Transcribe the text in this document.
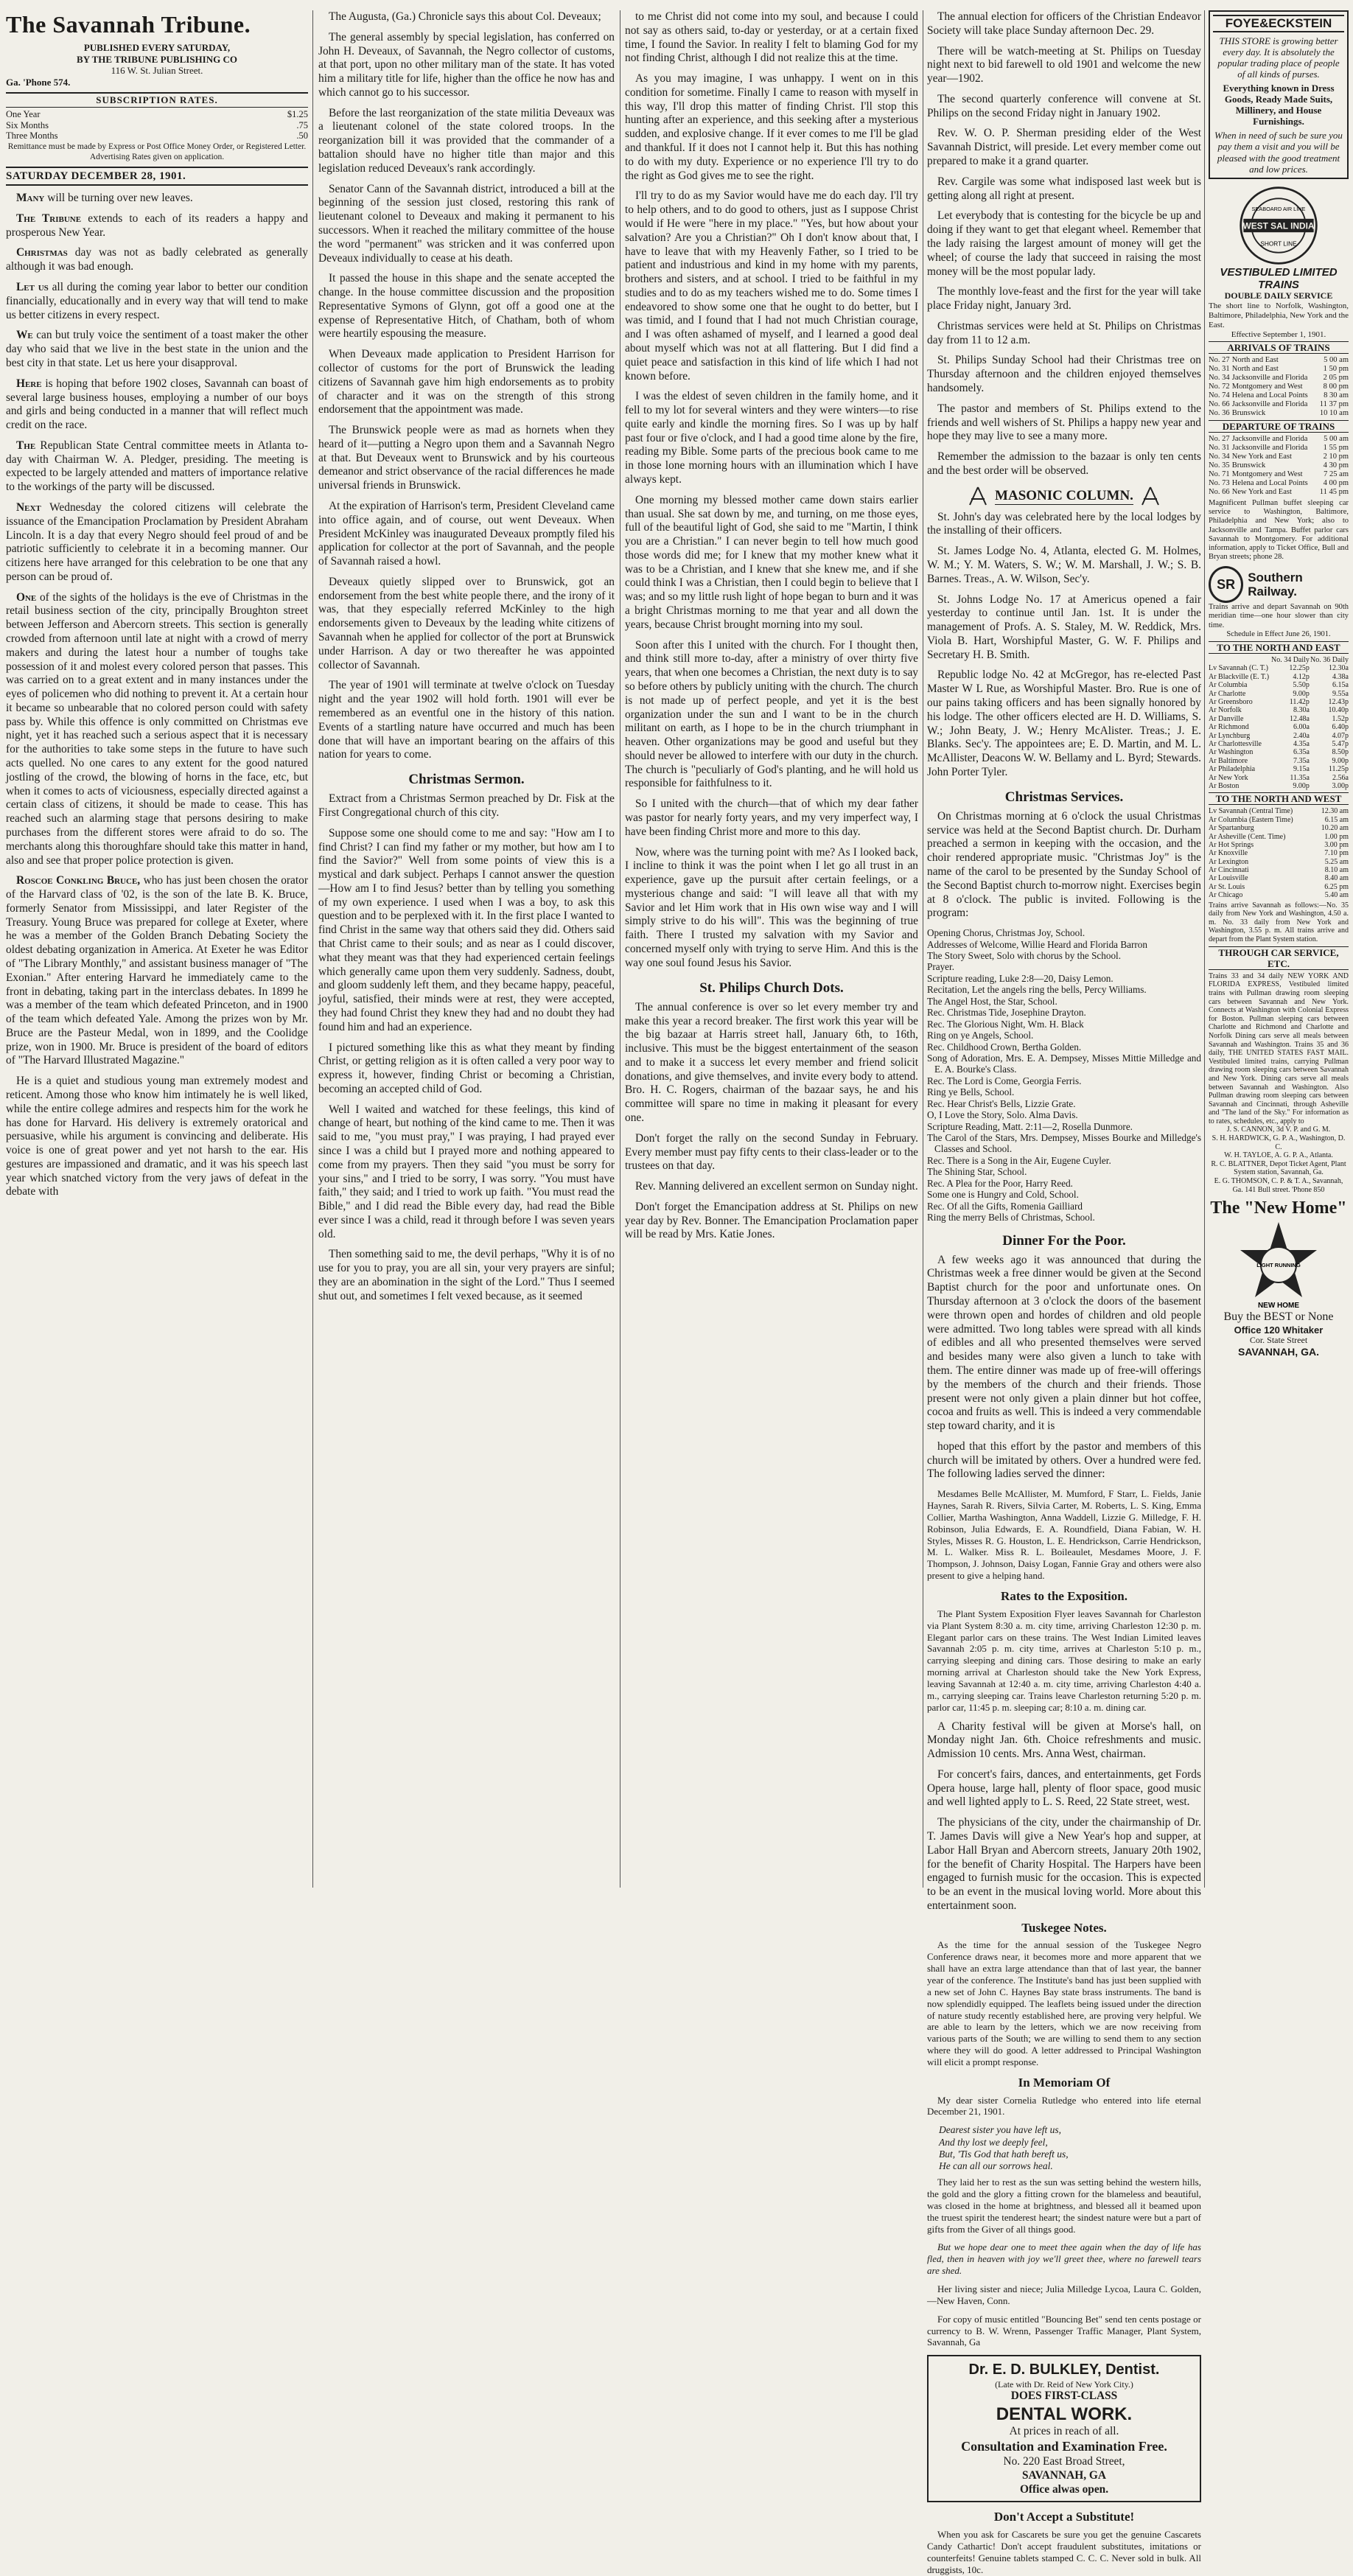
The Savannah Tribune.
PUBLISHED EVERY SATURDAY,
BY THE TRIBUNE PUBLISHING CO
116 W. St. Julian Street.
Ga. 'Phone 574.
SUBSCRIPTION RATES.
One Year	$1.25
Six Months	.75
Three Months	.50
Remittance must be made by Express or Post Office Money Order, or Registered Letter. Advertising Rates given on application.
SATURDAY DECEMBER 28, 1901.

Many will be turning over new leaves.

The Tribune extends to each of its readers a happy and prosperous New Year.

Christmas day was not as badly celebrated as generally although it was bad enough.

Let us all during the coming year labor to better our condition financially, educationally and in every way that will tend to make us better citizens in every respect.

We can but truly voice the sentiment of a toast maker the other day who said that we live in the best state in the union and the best city in that state. Let us here your disapproval.

Here is hoping that before 1902 closes, Savannah can boast of several large business houses, employing a number of our boys and girls and being conducted in a manner that will reflect much credit on the race.

The Republican State Central committee meets in Atlanta to-day with Chairman W. A. Pledger, presiding. The meeting is expected to be largely attended and matters of importance relative to the workings of the party will be discussed.

Next Wednesday the colored citizens will celebrate the issuance of the Emancipation Proclamation by President Abraham Lincoln. It is a day that every Negro should feel proud of and be patriotic sufficiently to celebrate it in a becoming manner. Our citizens here have arranged for this celebration to be one that any person can be proud of.

One of the sights of the holidays is the eve of Christmas in the retail business section of the city, principally Broughton street between Jefferson and Abercorn streets. This section is generally crowded from afternoon until late at night with a crowd of merry makers and during the latest hour a number of toughs take possession of it and molest every colored person that passes. This was carried on to a great extent and in many instances under the eyes of policemen who did nothing to prevent it. At a certain hour it became so unbearable that no colored person could with safety pass by. While this offence is only committed on Christmas eve night, yet it has reached such a serious aspect that it is necessary for the authorities to take some steps in the future to have such acts quelled. No one cares to any extent for the good natured jostling of the crowd, the blowing of horns in the face, etc, but when it comes to acts of viciousness, especially directed against a certain class of citizens, it should be made to cease. This has reached such an alarming stage that persons desiring to make purchases from the different stores were afraid to do so. The merchants along this thoroughfare should take this matter in hand, also and see that proper police protection is given.

Roscoe Conkling Bruce, who has just been chosen the orator of the Harvard class of '02, is the son of the late B. K. Bruce, formerly Senator from Mississippi, and later Register of the Treasury. Young Bruce was prepared for college at Exeter, where he was a member of the Golden Branch Debating Society the oldest debating organization in America. At Exeter he was Editor of "The Library Monthly," and assistant business manager of "The Exonian." After entering Harvard he immediately came to the front in debating, taking part in the interclass debates. In 1899 he was a member of the team which defeated Princeton, and in 1900 of the team which defeated Yale. Among the prizes won by Mr. Bruce are the Pasteur Medal, won in 1899, and the Coolidge prize, won in 1900. Mr. Bruce is president of the board of editors of "The Harvard Illustrated Magazine."

He is a quiet and studious young man extremely modest and reticent. Among those who know him intimately he is well liked, while the entire college admires and respects him for the work he has done for Harvard. His delivery is extremely oratorical and persuasive, while his argument is convincing and deliberate. His voice is one of great power and yet not harsh to the ear. His gestures are impassioned and dramatic, and it was his speech last year which snatched victory from the very jaws of defeat in the debate with

The Augusta, (Ga.) Chronicle says this about Col. Deveaux;

The general assembly by special legislation, has conferred on John H. Deveaux, of Savannah, the Negro collector of customs, at that port, upon no other military man of the state. It has voted him a military title for life, higher than the office he now has and which cannot go to his successor.

Before the last reorganization of the state militia Deveaux was a lieutenant colonel of the state colored troops. In the reorganization bill it was provided that the commander of a battalion should have no higher title than major and this legislation reduced Deveaux's rank accordingly.

Senator Cann of the Savannah district, introduced a bill at the beginning of the session just closed, restoring this rank of lieutenant colonel to Deveaux and making it permanent to his successors. When it reached the military committee of the house the word "permanent" was stricken and it was conferred upon Deveaux individually to cease at his death.

It passed the house in this shape and the senate accepted the change. In the house committee discussion and the proposition Representative Symons of Glynn, got off a good one at the expense of Representative Hitch, of Chatham, both of whom were heartily espousing the measure.

When Deveaux made application to President Harrison for collector of customs for the port of Brunswick the leading citizens of Savannah gave him high endorsements as to probity of character and it was on the strength of this strong endorsement that the appointment was made.

The Brunswick people were as mad as hornets when they heard of it—putting a Negro upon them and a Savannah Negro at that. But Deveaux went to Brunswick and by his courteous demeanor and strict observance of the racial differences he made universal friends in Brunswick.

At the expiration of Harrison's term, President Cleveland came into office again, and of course, out went Deveaux. When President McKinley was inaugurated Deveaux promptly filed his application for collector at the port of Savannah, and the people of Savannah raised a howl.

Deveaux quietly slipped over to Brunswick, got an endorsement from the best white people there, and the irony of it was, that they especially referred McKinley to the high endorsements given to Deveaux by the leading white citizens of Savannah when he applied for collector of the port at Brunswick under Harrison. A day or two thereafter he was appointed collector of Savannah.

The year of 1901 will terminate at twelve o'clock on Tuesday night and the year 1902 will hold forth. 1901 will ever be remembered as an eventful one in the history of this nation. Events of a startling nature have occurred and much has been done that will have an important bearing on the affairs of this nation for years to come.

Christmas Sermon.

Extract from a Christmas Sermon preached by Dr. Fisk at the First Congregational church of this city.

Suppose some one should come to me and say: "How am I to find Christ? I can find my father or my mother, but how am I to find the Savior?" Well from some points of view this is a mystical and dark subject. Perhaps I cannot answer the question—How am I to find Jesus? better than by telling you something of my own experience. I used when I was a boy, to ask this question and to be perplexed with it. In the first place I wanted to find Christ in the same way that others said they did. Others said that Christ came to their souls; and as near as I could discover, what they meant was that they had experienced certain feelings which generally came upon them very suddenly. Sadness, doubt, and gloom suddenly left them, and they became happy, peaceful, joyful, satisfied, their minds were at rest, they were accepted, they had found Christ they knew they had and no doubt they had found him and had an experience.

I pictured something like this as what they meant by finding Christ, or getting religion as it is often called a very poor way to express it, however, finding Christ or becoming a Christian, becoming an accepted child of God.

Well I waited and watched for these feelings, this kind of change of heart, but nothing of the kind came to me. Then it was said to me, "you must pray," I was praying, I had prayed ever since I was a child but I prayed more and nothing appeared to come from my prayers. Then they said "you must be sorry for your sins," and I tried to be sorry, I was sorry. "You must have faith," they said; and I tried to work up faith. "You must read the Bible," and I did read the Bible every day, had read the Bible ever since I was a child, read it through before I was seven years old.

Then something said to me, the devil perhaps, "Why it is of no use for you to pray, you are all sin, your very prayers are sinful; they are an abomination in the sight of the Lord." Thus I seemed shut out, and sometimes I felt vexed because, as it seemed

to me Christ did not come into my soul, and because I could not say as others said, to-day or yesterday, or at a certain fixed time, I found the Savior. In reality I felt to blaming God for my not finding Christ, although I did not realize this at the time.

As you may imagine, I was unhappy. I went on in this condition for sometime. Finally I came to reason with myself in this way, I'll drop this matter of finding Christ. I'll stop this hunting after an experience, and this seeking after a mysterious sudden, and explosive change. If it ever comes to me I'll be glad and thankful. If it does not I cannot help it. But this has nothing to do with my duty. Experience or no experience I'll try to do the right as God gives me to see the right.

I'll try to do as my Savior would have me do each day. I'll try to help others, and to do good to others, just as I suppose Christ would if He were "here in my place." "Yes, but how about your salvation? Are you a Christian?" Oh I don't know about that, I have to leave that with my Heavenly Father, so I tried to be patient and industrious and kind in my home with my parents, brothers and sisters, and at school. I tried to be faithful in my studies and to do as my teachers wished me to do. Some times I endeavored to show some one that he ought to do better, but I was timid, and I found that I had not much Christian courage, and I was often ashamed of myself, and I learned a good deal about myself which was not at all flattering. But I did find a quiet peace and satisfaction in this kind of life which I had not known before.

I was the eldest of seven children in the family home, and it fell to my lot for several winters and they were winters—to rise quite early and kindle the morning fires. So I was up by half past four or five o'clock, and I had a good time alone by the fire, reading my Bible. Some parts of the precious book came to me in those lone morning hours with an illumination which I have always kept.

One morning my blessed mother came down stairs earlier than usual. She sat down by me, and turning, on me those eyes, full of the beautiful light of God, she said to me "Martin, I think you are a Christian." I can never begin to tell how much good those words did me; for I knew that my mother knew what it was to be a Christian, and I knew that she knew me, and if she could think I was a Christian, then I could begin to believe that I was; and so my little rush light of hope began to burn and it was a bright Christmas morning to me that year and all down the years, because Christ brought morning into my soul.

Soon after this I united with the church. For I thought then, and think still more to-day, after a ministry of over thirty five years, that when one becomes a Christian, the next duty is to say so before others by publicly uniting with the church. The church is not made up of perfect people, and yet it is the best organization under the sun and I want to be in the church militant on earth, as I hope to be in the church triumphant in heaven. Other organizations may be good and useful but they should never be allowed to interfere with our duty in the church. The church is "peculiarly of God's planting, and he will hold us responsible for faithfulness to it.

So I united with the church—that of which my dear father was pastor for nearly forty years, and my very imperfect way, I have been finding Christ more and more to this day.

Now, where was the turning point with me? As I looked back, I incline to think it was the point when I let go all trust in an experience, gave up the pursuit after certain feelings, or a mysterious change and said: "I will leave all that with my Savior and let Him work that in His own wise way and I will simply strive to do his will". This was the beginning of true faith. There I trusted my salvation with my Savior and concerned myself only with trying to serve Him. And this is the way one soul found Jesus his Savior.

St. Philips Church Dots.

The annual conference is over so let every member try and make this year a record breaker. The first work this year will be the big bazaar at Harris street hall, January 6th, to 16th, inclusive. This must be the biggest entertainment of the season and to make it a success let every member and friend solicit donations, and give themselves, and invite every body to attend. Bro. H. C. Rogers, chairman of the bazaar says, he and his committee will spare no time in making it pleasant for every one.

Don't forget the rally on the second Sunday in February. Every member must pay fifty cents to their class-leader or to the trustees on that day.

Rev. Manning delivered an excellent sermon on Sunday night.

Don't forget the Emancipation address at St. Philips on new year day by Rev. Bonner. The Emancipation Proclamation paper will be read by Mrs. Katie Jones.

The annual election for officers of the Christian Endeavor Society will take place Sunday afternoon Dec. 29.

There will be watch-meeting at St. Philips on Tuesday night next to bid farewell to old 1901 and welcome the new year—1902.

The second quarterly conference will convene at St. Philips on the second Friday night in January 1902.

Rev. W. O. P. Sherman presiding elder of the West Savannah District, will preside. Let every member come out prepared to make it a grand quarter.

Rev. Cargile was some what indisposed last week but is getting along all right at present.

Let everybody that is contesting for the bicycle be up and doing if they want to get that elegant wheel. Remember that the lady raising the largest amount of money will get the wheel; of course the lady that succeed in raising the most money will be the most popular lady.

The monthly love-feast and the first for the year will take place Friday night, January 3rd.

Christmas services were held at St. Philips on Christmas day from 11 to 12 a.m.

St. Philips Sunday School had their Christmas tree on Thursday afternoon and the children enjoyed themselves handsomely.

The pastor and members of St. Philips extend to the friends and well wishers of St. Philips a happy new year and hope they may live to see a many more.

Remember the admission to the bazaar is only ten cents and the best order will be observed.

MASONIC COLUMN.

St. John's day was celebrated here by the local lodges by the installing of their officers.

St. James Lodge No. 4, Atlanta, elected G. M. Holmes, W. M.; Y. M. Waters, S. W.; W. M. Marshall, J. W.; S. B. Barnes. Treas., A. W. Wilson, Sec'y.

St. Johns Lodge No. 17 at Americus opened a fair yesterday to continue until Jan. 1st. It is under the management of Profs. A. S. Staley, M. W. Reddick, Mrs. Viola B. Hart, Worshipful Master, G. W. F. Philips and Secretary H. B. Smith.

Republic lodge No. 42 at McGregor, has re-elected Past Master W L Rue, as Worshipful Master. Bro. Rue is one of our pains taking officers and has been signally honored by his lodge. The other officers elected are H. D. Williams, S. W.; John Beaty, J. W.; Henry McAlister. Treas.; J. E. Blanks. Sec'y. The appointees are; E. D. Martin, and M. L. McAllister, Deacons W. W. Bellamy and L. Byrd; Stewards. John Porter Tyler.

Christmas Services.

On Christmas morning at 6 o'clock the usual Christmas service was held at the Second Baptist church. Dr. Durham preached a sermon in keeping with the occasion, and the choir rendered appropriate music. "Christmas Joy" is the name of the carol to be presented by the Sunday School of the Second Baptist church to-morrow night. Exercises begin at 8 o'clock. The public is invited. Following is the program:

Opening Chorus, Christmas Joy, School.
Addresses of Welcome, Willie Heard and Florida Barron
The Story Sweet, Solo with chorus by the School.
Prayer.
Scripture reading, Luke 2:8—20, Daisy Lemon.
Recitation, Let the angels ring the bells, Percy Williams.
The Angel Host, the Star, School.
Rec. Christmas Tide, Josephine Drayton.
Rec. The Glorious Night, Wm. H. Black
Ring on ye Angels, School.
Rec. Childhood Crown, Bertha Golden.
Song of Adoration, Mrs. E. A. Dempsey, Misses Mittie Milledge and E. A. Bourke's Class.
Rec. The Lord is Come, Georgia Ferris.
Ring ye Bells, School.
Rec. Hear Christ's Bells, Lizzie Grate.
O, I Love the Story, Solo. Alma Davis.
Scripture Reading, Matt. 2:11—2, Rosella Dunmore.
The Carol of the Stars, Mrs. Dempsey, Misses Bourke and Milledge's Classes and School.
Rec. There is a Song in the Air, Eugene Cuyler.
The Shining Star, School.
Rec. A Plea for the Poor, Harry Reed.
Some one is Hungry and Cold, School.
Rec. Of all the Gifts, Romenia Gailliard
Ring the merry Bells of Christmas, School.
Dinner For the Poor.

A few weeks ago it was announced that during the Christmas week a free dinner would be given at the Second Baptist church for the poor and unfortunate ones. On Thursday afternoon at 3 o'clock the doors of the basement were thrown open and hordes of children and old people were admitted. Two long tables were spread with all kinds of edibles and all who presented themselves were served and besides many were also given a lunch to take with them. The entire dinner was made up of free-will offerings by the members of the church and their friends. Those present were not only given a plain dinner but hot coffee, cocoa and fruits as well. This is indeed a very commendable step toward charity, and it is

hoped that this effort by the pastor and members of this church will be imitated by others. Over a hundred were fed. The following ladies served the dinner:

Mesdames Belle McAllister, M. Mumford, F Starr, L. Fields, Janie Haynes, Sarah R. Rivers, Silvia Carter, M. Roberts, L. S. King, Emma Collier, Martha Washington, Anna Waddell, Lizzie G. Milledge, F. H. Robinson, Julia Edwards, E. A. Roundfield, Diana Fabian, W. H. Styles, Misses R. G. Houston, L. E. Hendrickson, Carrie Hendrickson, M. L. Walker. Miss R. L. Boileaulet, Mesdames Moore, J. F. Thompson, J. Johnson, Daisy Logan, Fannie Gray and others were also present to give a helping hand.

Rates to the Exposition.

The Plant System Exposition Flyer leaves Savannah for Charleston via Plant System 8:30 a. m. city time, arriving Charleston 12:30 p. m. Elegant parlor cars on these trains. The West Indian Limited leaves Savannah 2:05 p. m. city time, arrives at Charleston 5:10 p. m., carrying sleeping and dining cars. Those desiring to make an early morning arrival at Charleston should take the New York Express, leaving Savannah at 12:40 a. m. city time, arriving Charleston 4:40 a. m., carrying sleeping car. Trains leave Charleston returning 5:20 p. m. parlor car, 11:45 p. m. sleeping car; 8:10 a. m. dining car.

A Charity festival will be given at Morse's hall, on Monday night Jan. 6th. Choice refreshments and music. Admission 10 cents. Mrs. Anna West, chairman.

For concert's fairs, dances, and entertainments, get Fords Opera house, large hall, plenty of floor space, good music and well lighted apply to L. S. Reed, 22 State street, west.

The physicians of the city, under the chairmanship of Dr. T. James Davis will give a New Year's hop and supper, at Labor Hall Bryan and Abercorn streets, January 20th 1902, for the benefit of Charity Hospital. The Harpers have been engaged to furnish music for the occasion. This is expected to be an event in the musical loving world. More about this entertainment soon.

Tuskegee Notes.

As the time for the annual session of the Tuskegee Negro Conference draws near, it becomes more and more apparent that we shall have an extra large attendance than that of last year, the banner year of the conference. The Institute's band has just been supplied with a new set of John C. Haynes Bay state brass instruments. The band is now splendidly equipped. The leaflets being issued under the direction of nature study recently established here, are proving very helpful. We are able to learn by the letters, which we are now receiving from various parts of the South; we are willing to send them to any section where they will do good. A letter addressed to Principal Washington will elicit a prompt response.

In Memoriam Of

My dear sister Cornelia Rutledge who entered into life eternal December 21, 1901.

Dearest sister you have left us,
And thy lost we deeply feel,
But, 'Tis God that hath bereft us,
He can all our sorrows heal.

They laid her to rest as the sun was setting behind the western hills, the gold and the glory a fitting crown for the blameless and beautiful, was closed in the home at brightness, and blessed all it beamed upon the truest spirit the tenderest heart; the sindest nature were but a part of gifts from the Giver of all things good.

But we hope dear one to meet thee again when the day of life has fled, then in heaven with joy we'll greet thee, where no farewell tears are shed.

Her living sister and niece; Julia Milledge Lycoa, Laura C. Golden,—New Haven, Conn.

For copy of music entitled "Bouncing Bet" send ten cents postage or currency to B. W. Wrenn, Passenger Traffic Manager, Plant System, Savannah, Ga

Dr. E. D. BULKLEY, Dentist.
(Late with Dr. Reid of New York City.)
DOES FIRST-CLASS
DENTAL WORK.
At prices in reach of all.
Consultation and Examination Free.
No. 220 East Broad Street,
SAVANNAH, GA
Office alwas open.
Don't Accept a Substitute!

When you ask for Cascarets be sure you get the genuine Cascarets Candy Cathartic! Don't accept fraudulent substitutes, imitations or counterfeits! Genuine tablets stamped C. C. C. Never sold in bulk. All druggists, 10c.

FOYE&ECKSTEIN
THIS STORE is growing better every day. It is absolutely the popular trading place of people of all kinds of purses.
Everything known in Dress Goods, Ready Made Suits, Millinery, and House Furnishings.
When in need of such be sure you pay them a visit and you will be pleased with the good treatment and low prices.
WEST SAL INDIA
SHORT LINE
SEABOARD AIR LINE
VESTIBULED LIMITED TRAINS
DOUBLE DAILY SERVICE
The short line to Norfolk, Washington, Baltimore, Philadelphia, New York and the East.
Effective September 1, 1901.
ARRIVALS OF TRAINS
No. 27	North and East	5 00 am
No. 31	North and East	1 50 pm
No. 34	Jacksonville and Florida	2 05 pm
No. 72	Montgomery and West	8 00 pm
No. 74	Helena and Local Points	8 30 am
No. 66	Jacksonville and Florida	11 37 pm
No. 36	Brunswick	10 10 am
DEPARTURE OF TRAINS
No. 27	Jacksonville and Florida	5 00 am
No. 31	Jacksonville and Florida	1 55 pm
No. 34	New York and East	2 10 pm
No. 35	Brunswick	4 30 pm
No. 71	Montgomery and West	7 25 am
No. 73	Helena and Local Points	4 00 pm
No. 66	New York and East	11 45 pm
Magnificent Pullman buffet sleeping car service to Washington, Baltimore, Philadelphia and New York; also to Jacksonville and Tampa. Buffet parlor cars Savannah to Montgomery. For additional information, apply to Ticket Office, Bull and Bryan streets; phone 28.
SR	Southern Railway.
Trains arrive and depart Savannah on 90th meridian time—one hour slower than city time.
Schedule in Effect June 26, 1901.
TO THE NORTH AND EAST
	No. 34 Daily	No. 36 Daily
Lv Savannah (C. T.)	12.25p	12.30a
Ar Blackville (E. T.)	4.12p	4.38a
Ar Columbia	5.50p	6.15a
Ar Charlotte	9.00p	9.55a
Ar Greensboro	11.42p	12.43p
Ar Norfolk	8.30a	10.40p
Ar Danville	12.48a	1.52p
Ar Richmond	6.00a	6.40p
Ar Lynchburg	2.40a	4.07p
Ar Charlottesville	4.35a	5.47p
Ar Washington	6.35a	8.50p
Ar Baltimore	7.35a	9.00p
Ar Philadelphia	9.15a	11.25p
Ar New York	11.35a	2.56a
Ar Boston	9.00p	3.00p
TO THE NORTH AND WEST
Lv Savannah (Central Time)	12.30 am
Ar Columbia (Eastern Time)	6.15 am
Ar Spartanburg	10.20 am
Ar Asheville (Cent. Time)	1.00 pm
Ar Hot Springs	3.00 pm
Ar Knoxville	7.10 pm
Ar Lexington	5.25 am
Ar Cincinnati	8.10 am
Ar Louisville	8.40 am
Ar St. Louis	6.25 pm
Ar Chicago	5.40 am
Trains arrive Savannah as follows:—No. 35 daily from New York and Washington, 4.50 a. m. No. 33 daily from New York and Washington, 3.55 p. m. All trains arrive and depart from the Plant System station.
THROUGH CAR SERVICE, ETC.
Trains 33 and 34 daily NEW YORK AND FLORIDA EXPRESS, Vestibuled limited trains with Pullman drawing room sleeping cars between Savannah and New York. Connects at Washington with Colonial Express for Boston. Pullman sleeping cars between Charlotte and Richmond and Charlotte and Norfolk Dining cars serve all meals between Savannah and Washington. Trains 35 and 36 daily, THE UNITED STATES FAST MAIL. Vestibuled limited trains, carrying Pullman drawing room sleeping cars between Savannah and New York. Dining cars serve all meals between Savannah and Washington. Also Pullman drawing room sleeping cars between Savannah and Cincinnati, through Asheville and "The land of the Sky." For information as to rates, schedules, etc., apply to
J. S. CANNON, 3d V. P. and G. M.
S. H. HARDWICK, G. P. A., Washington, D. C.
W. H. TAYLOE, A. G. P. A., Atlanta.
R. C. BLATTNER, Depot Ticket Agent, Plant System station, Savannah, Ga.
E. G. THOMSON, C. P. & T. A., Savannah, Ga. 141 Bull street. 'Phone 850
The "New Home"
LIGHT RUNNING
NEW HOME
Buy the BEST or None
Office 120 Whitaker
Cor. State Street
SAVANNAH, GA.
